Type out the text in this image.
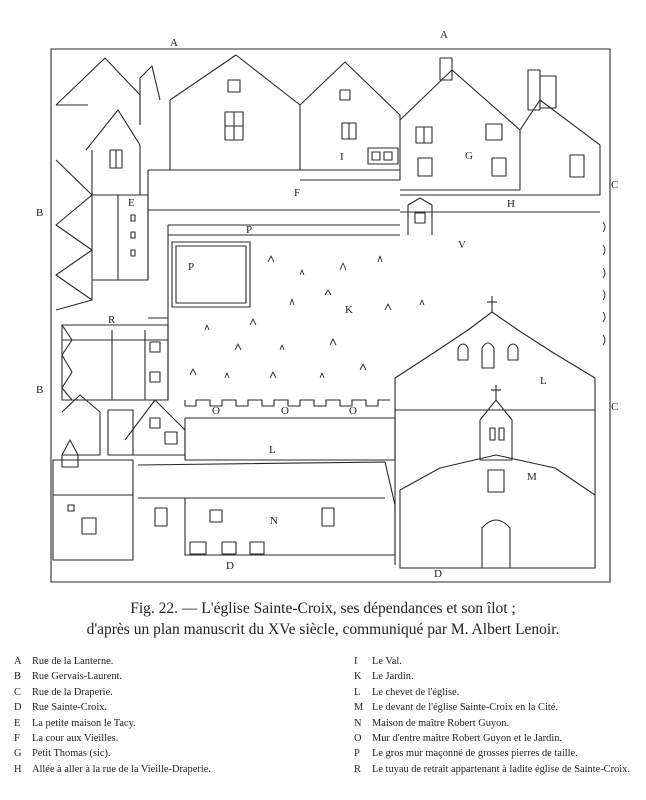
A
A
B
B
C
C
D
D
E
F
G
H
I
K
L
L
M
N
O	O	O
P
P
R
V
Fig. 22. — L'église Sainte-Croix, ses dépendances et son îlot ;
d'après un plan manuscrit du XVe siècle, communiqué par M. Albert Lenoir.
A	Rue de la Lanterne.
B	Rue Gervais-Laurent.
C	Rue de la Draperie.
D	Rue Sainte-Croix.
E	La petite maison le Tacy.
F	La cour aux Vieilles.
G	Petit Thomas (sic).
H	Allée à aller à la rue de la Vieille-Draperie.
I	Le Val.
K	Le Jardin.
L	Le chevet de l'église.
M Le devant de l'église Sainte-Croix en la Cité.
N	Maison de maître Robert Guyon.
O	Mur d'entre maître Robert Guyon et le Jardin.
P	Le gros mur maçonné de grosses pierres de taille.
R	Le tuyau de retrait appartenant à ladite église de Sainte-Croix.
